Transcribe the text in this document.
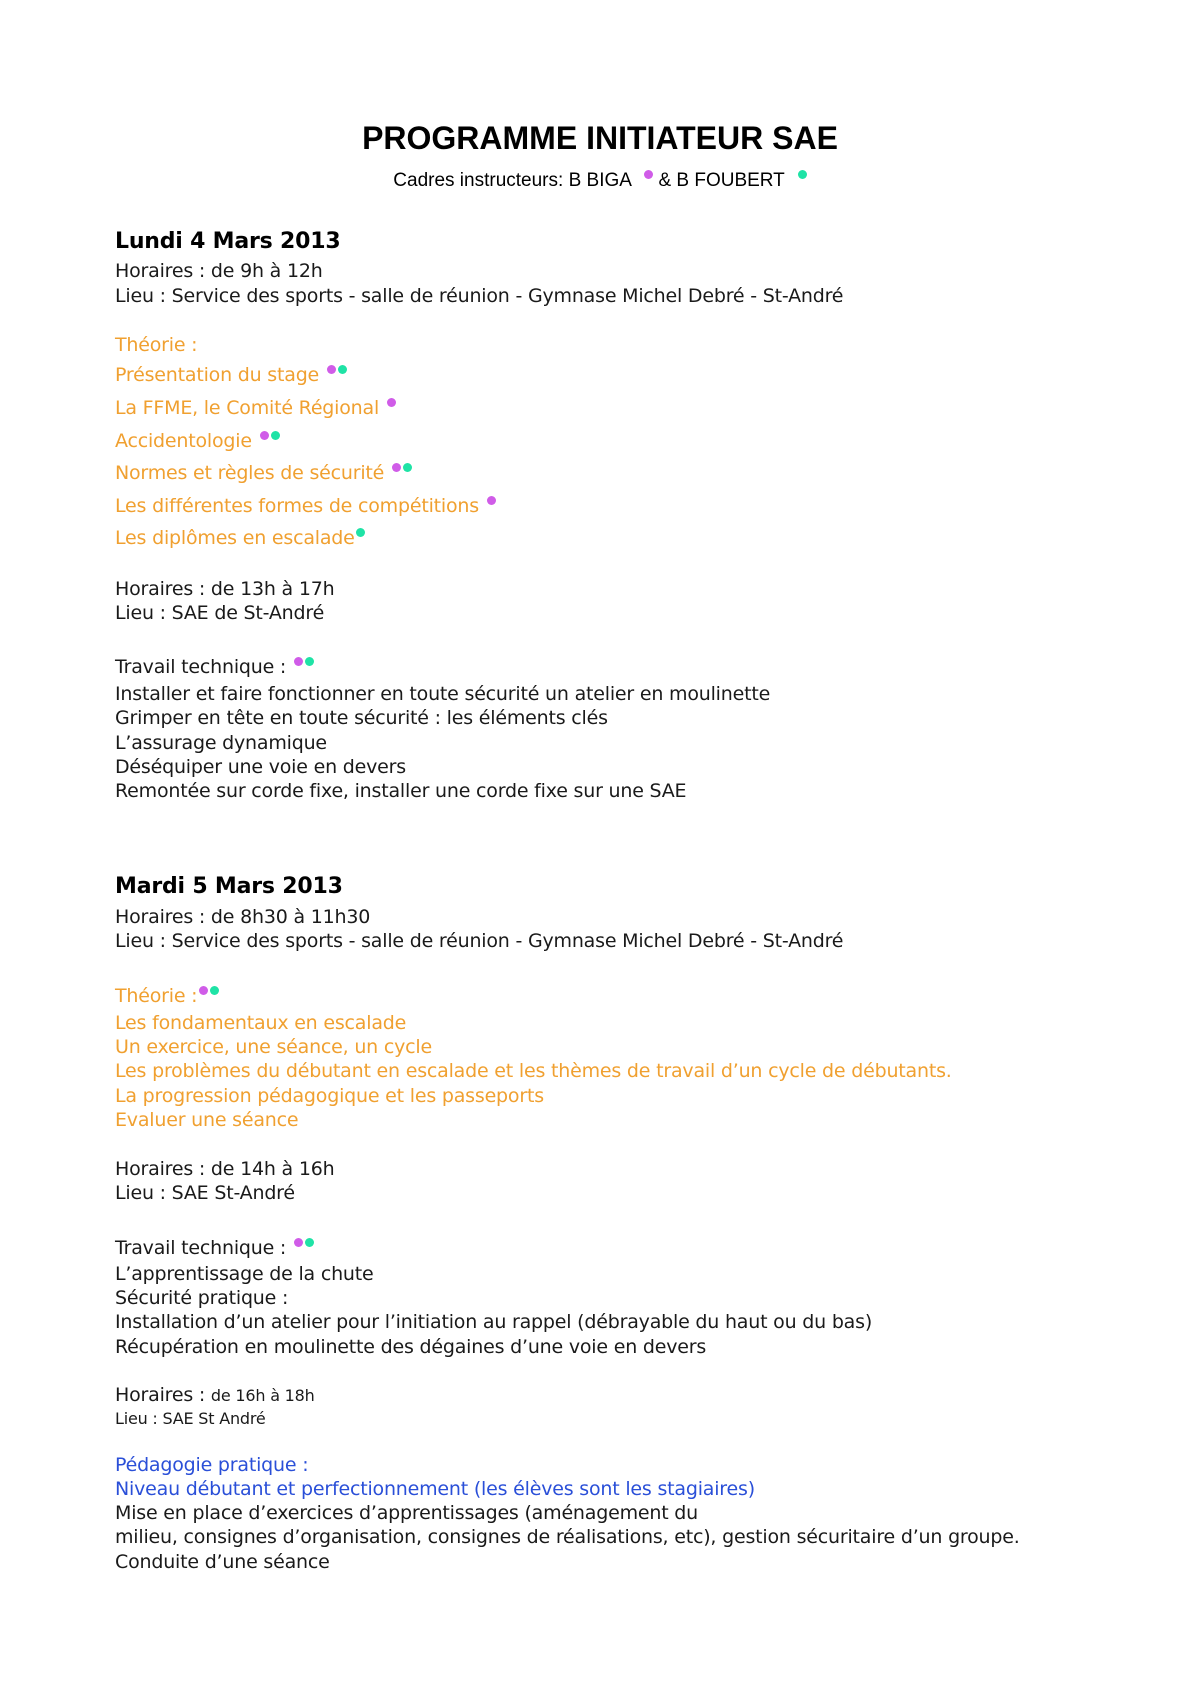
PROGRAMME INITIATEUR SAE
Cadres instructeurs: B BIGA & B FOUBERT
Lundi 4 Mars 2013
Horaires : de 9h à 12h
Lieu : Service des sports - salle de réunion - Gymnase Michel Debré - St-André
Théorie :
Présentation du stage
La FFME, le Comité Régional
Accidentologie
Normes et règles de sécurité
Les différentes formes de compétitions
Les diplômes en escalade
Horaires : de 13h à 17h
Lieu : SAE de St-André
Travail technique :
Installer et faire fonctionner en toute sécurité un atelier en moulinette
Grimper en tête en toute sécurité : les éléments clés
L’assurage dynamique
Déséquiper une voie en devers
Remontée sur corde fixe, installer une corde fixe sur une SAE
Mardi 5 Mars 2013
Horaires : de 8h30 à 11h30
Lieu : Service des sports - salle de réunion - Gymnase Michel Debré - St-André
Théorie :
Les fondamentaux en escalade
Un exercice, une séance, un cycle
Les problèmes du débutant en escalade et les thèmes de travail d’un cycle de débutants.
La progression pédagogique et les passeports
Evaluer une séance
Horaires : de 14h à 16h
Lieu : SAE St-André
Travail technique :
L’apprentissage de la chute
Sécurité pratique :
Installation d’un atelier pour l’initiation au rappel (débrayable du haut ou du bas)
Récupération en moulinette des dégaines d’une voie en devers
Horaires : de 16h à 18h
Lieu : SAE St André
Pédagogie pratique :
Niveau débutant et perfectionnement (les élèves sont les stagiaires)
Mise en place d’exercices d’apprentissages (aménagement du
milieu, consignes d’organisation, consignes de réalisations, etc), gestion sécuritaire d’un groupe.
Conduite d’une séance
